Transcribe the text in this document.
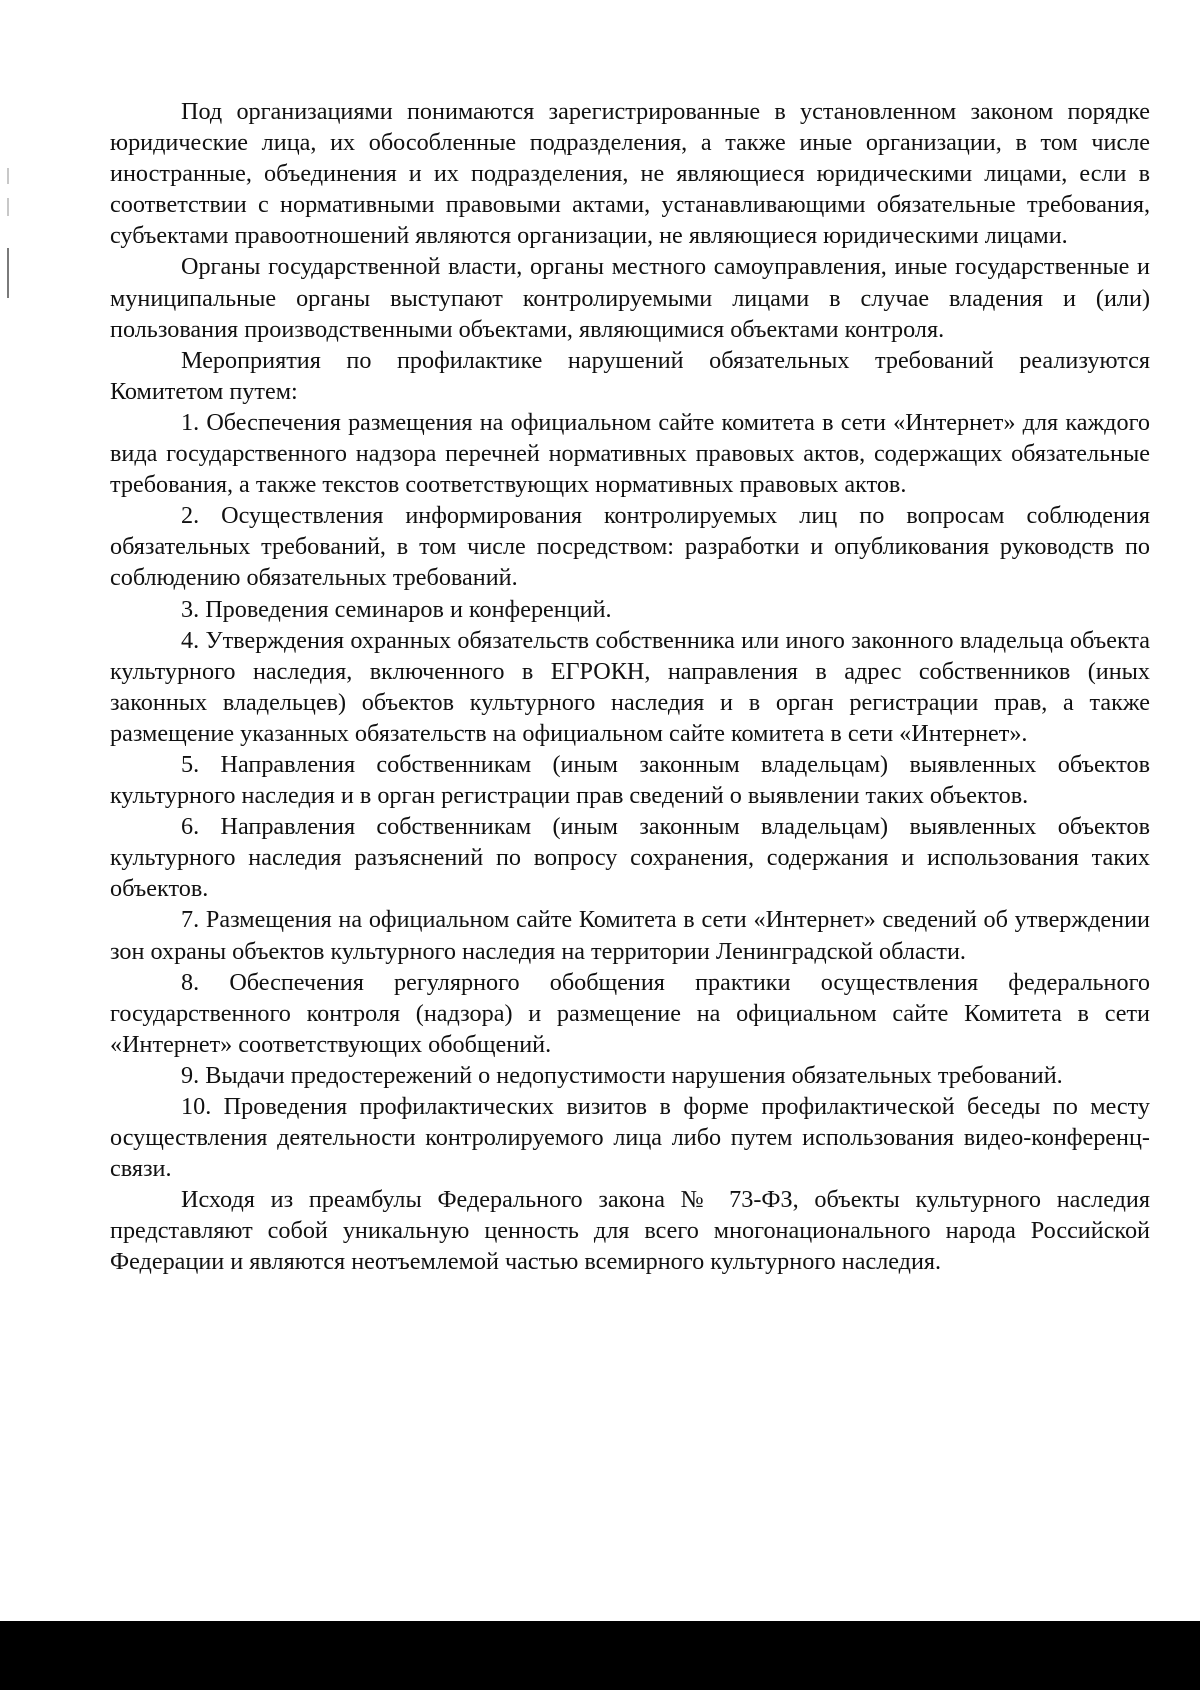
Под организациями понимаются зарегистрированные в установленном законом порядке юридические лица, их обособленные подразделения, а также иные организации, в том числе иностранные, объединения и их подразделения, не являющиеся юридическими лицами, если в соответствии с нормативными правовыми актами, устанавливающими обязательные требования, субъектами правоотношений являются организации, не являющиеся юридическими лицами.

Органы государственной власти, органы местного самоуправления, иные государственные и муниципальные органы выступают контролируемыми лицами в случае владения и (или) пользования производственными объектами, являющимися объектами контроля.

Мероприятия по профилактике нарушений обязательных требований реализуются Комитетом путем:

1. Обеспечения размещения на официальном сайте комитета в сети «Интернет» для каждого вида государственного надзора перечней нормативных правовых актов, содержащих обязательные требования, а также текстов соответствующих нормативных правовых актов.

2. Осуществления информирования контролируемых лиц по вопросам соблюдения обязательных требований, в том числе посредством: разработки и опубликования руководств по соблюдению обязательных требований.

3. Проведения семинаров и конференций.

4. Утверждения охранных обязательств собственника или иного законного владельца объекта культурного наследия, включенного в ЕГРОКН, направления в адрес собственников (иных законных владельцев) объектов культурного наследия и в орган регистрации прав, а также размещение указанных обязательств на официальном сайте комитета в сети «Интернет».

5. Направления собственникам (иным законным владельцам) выявленных объектов культурного наследия и в орган регистрации прав сведений о выявлении таких объектов.

6. Направления собственникам (иным законным владельцам) выявленных объектов культурного наследия разъяснений по вопросу сохранения, содержания и использования таких объектов.

7. Размещения на официальном сайте Комитета в сети «Интернет» сведений об утверждении зон охраны объектов культурного наследия на территории Ленинградской области.

8. Обеспечения регулярного обобщения практики осуществления федерального государственного контроля (надзора) и размещение на официальном сайте Комитета в сети «Интернет» соответствующих обобщений.

9. Выдачи предостережений о недопустимости нарушения обязательных требований.

10. Проведения профилактических визитов в форме профилактической беседы по месту осуществления деятельности контролируемого лица либо путем использования видео-конференц-связи.

Исходя из преамбулы Федерального закона № 73-ФЗ, объекты культурного наследия представляют собой уникальную ценность для всего многонационального народа Российской Федерации и являются неотъемлемой частью всемирного культурного наследия.
